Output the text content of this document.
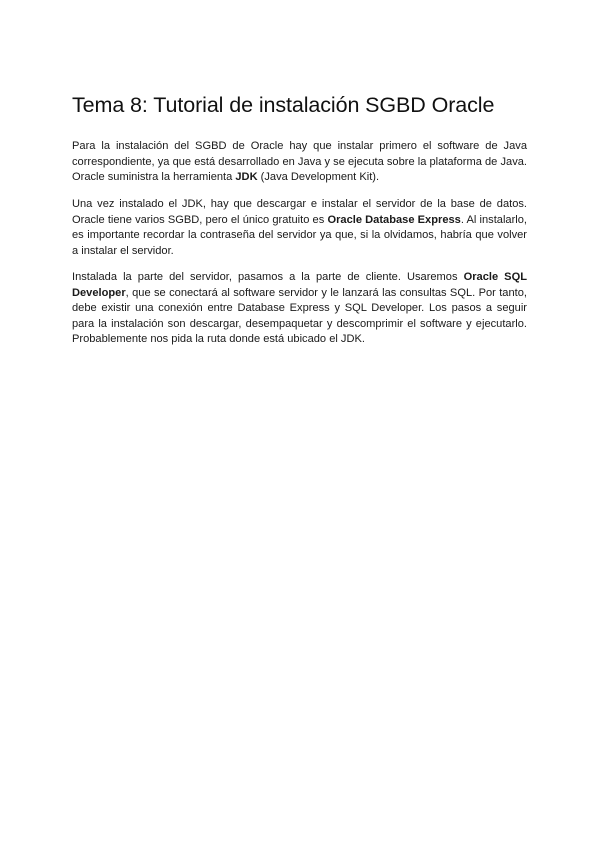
Tema 8: Tutorial de instalación SGBD Oracle

Para la instalación del SGBD de Oracle hay que instalar primero el software de Java correspondiente, ya que está desarrollado en Java y se ejecuta sobre la plataforma de Java. Oracle suministra la herramienta JDK (Java Development Kit).

Una vez instalado el JDK, hay que descargar e instalar el servidor de la base de datos. Oracle tiene varios SGBD, pero el único gratuito es Oracle Database Express. Al instalarlo, es importante recordar la contraseña del servidor ya que, si la olvidamos, habría que volver a instalar el servidor.

Instalada la parte del servidor, pasamos a la parte de cliente. Usaremos Oracle SQL Developer, que se conectará al software servidor y le lanzará las consultas SQL. Por tanto, debe existir una conexión entre Database Express y SQL Developer. Los pasos a seguir para la instalación son descargar, desempaquetar y descomprimir el software y ejecutarlo. Probablemente nos pida la ruta donde está ubicado el JDK.
